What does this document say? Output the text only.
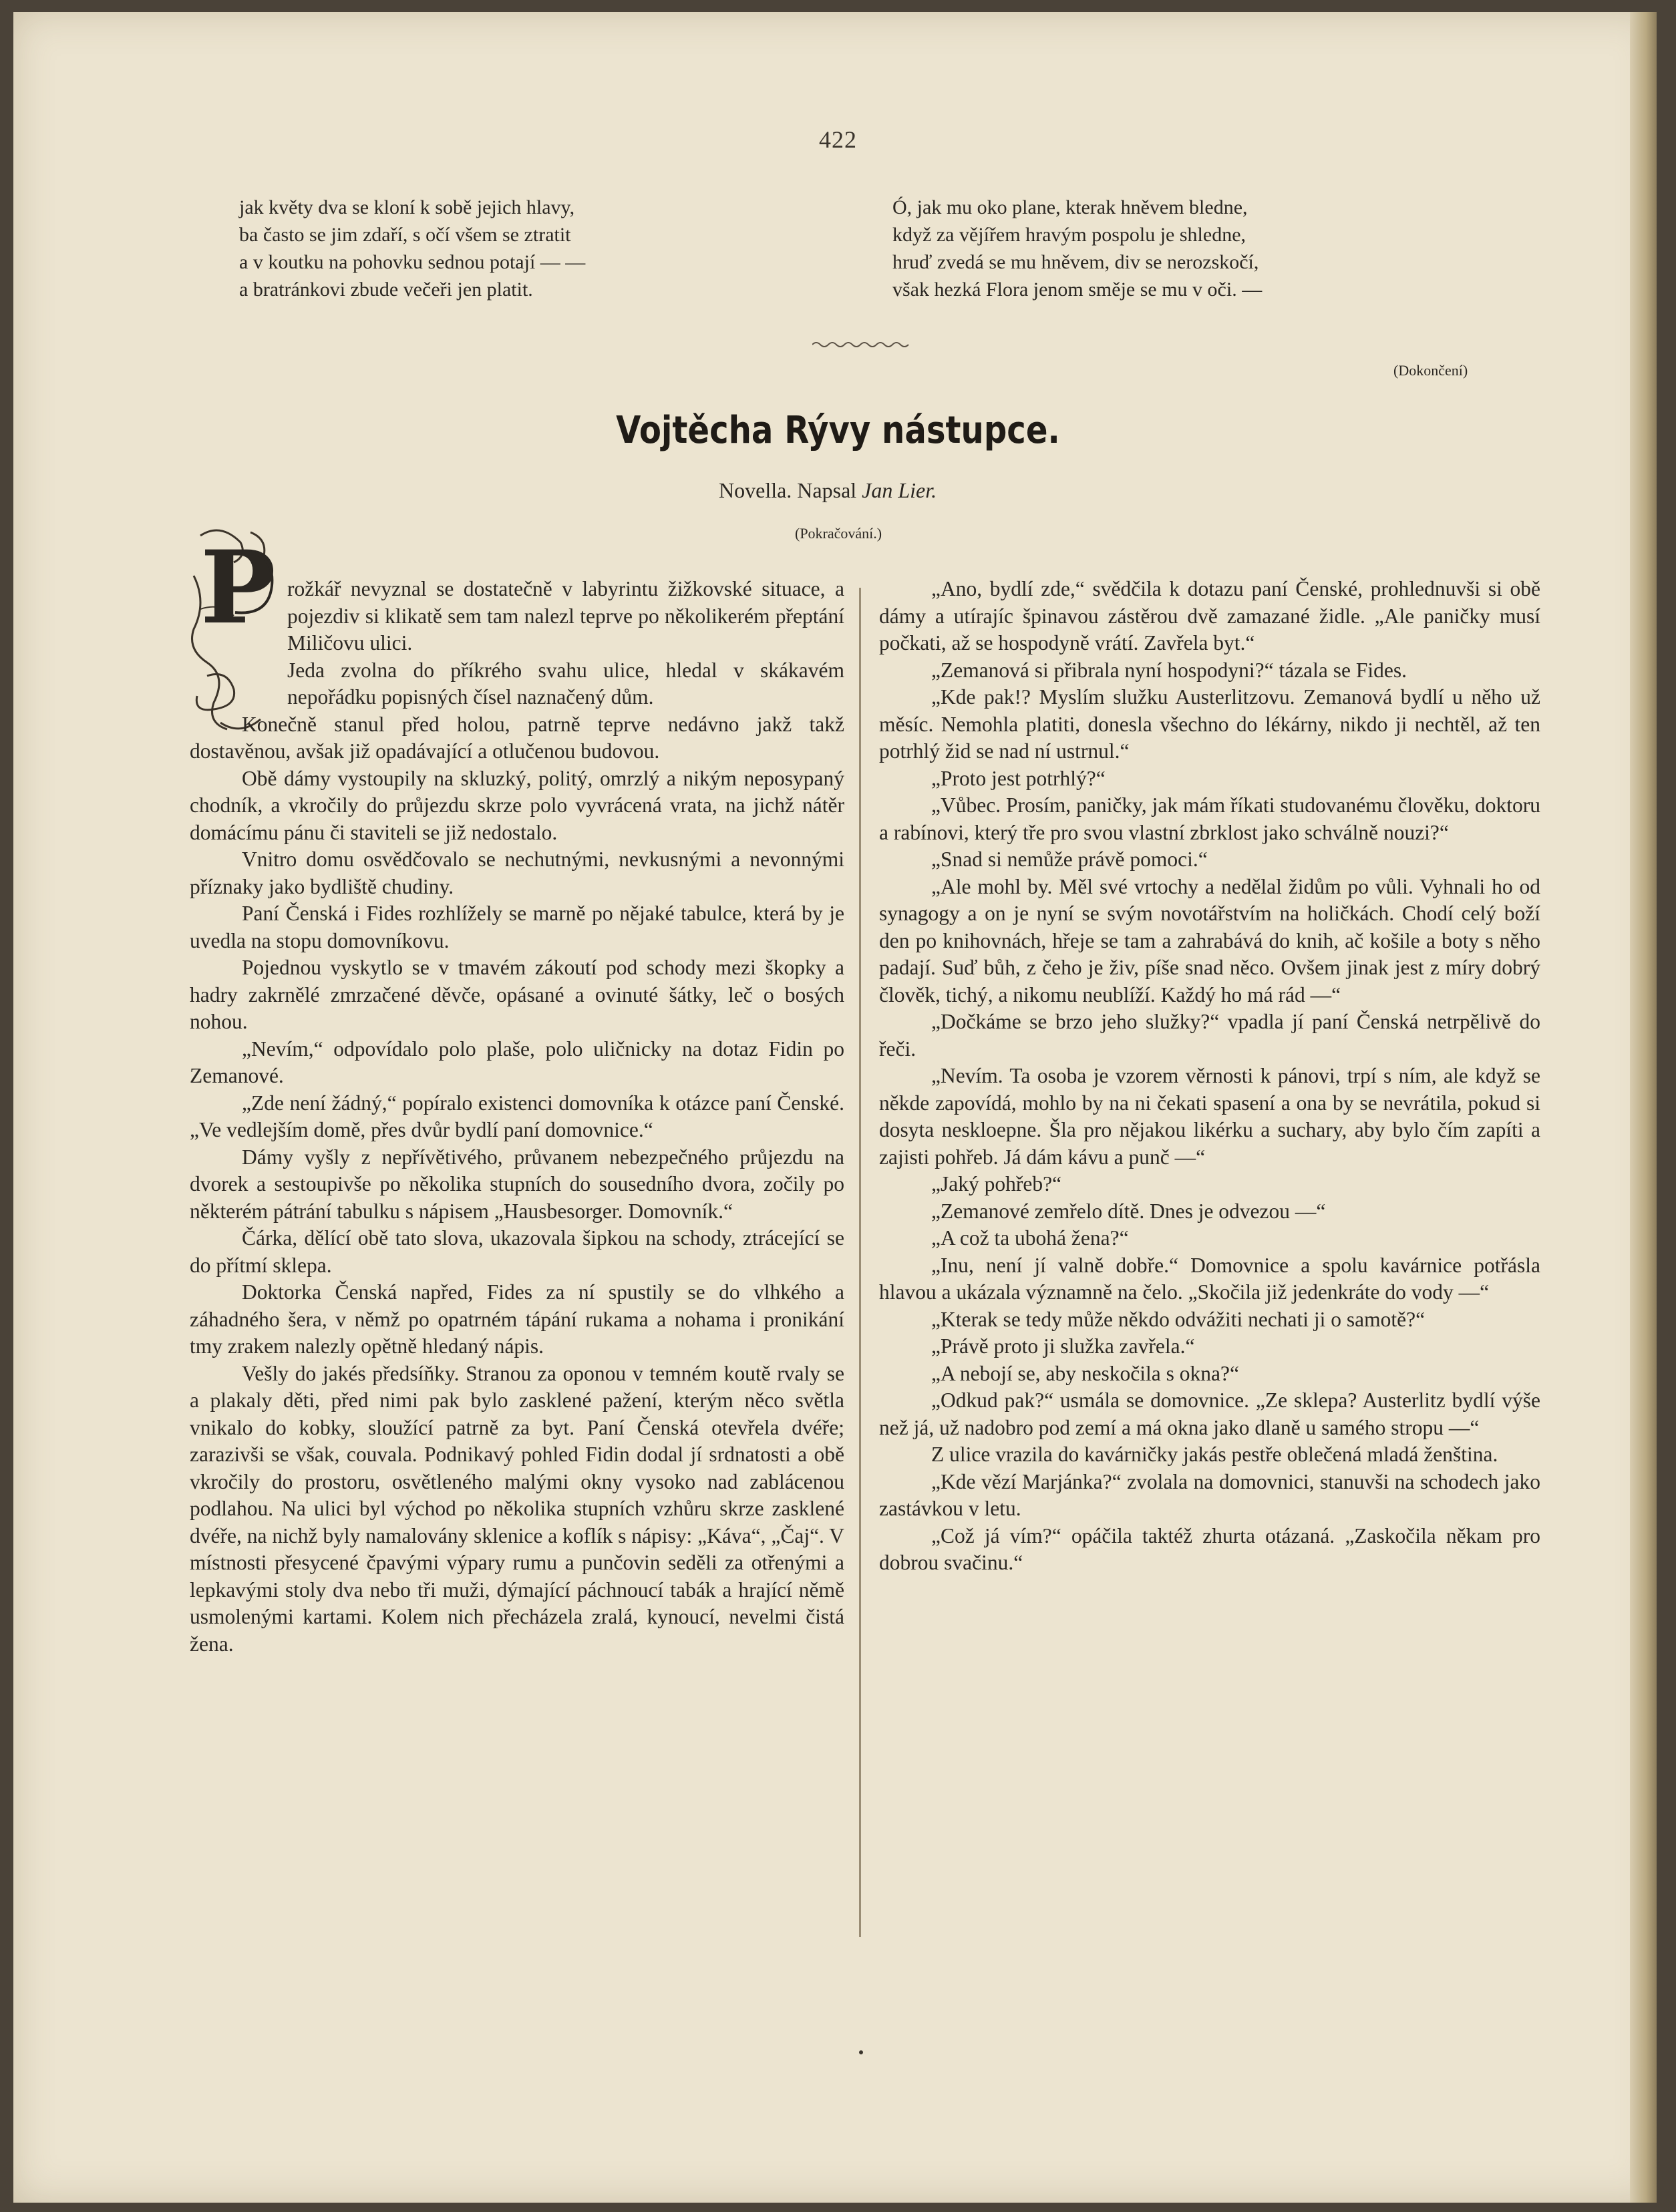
422
jak květy dva se kloní k sobě jejich hlavy,
ba často se jim zdaří, s očí všem se ztratit
a v koutku na pohovku sednou potají — —
a bratránkovi zbude večeři jen platit.
Ó, jak mu oko plane, kterak hněvem bledne,
když za vějířem hravým pospolu je shledne,
hruď zvedá se mu hněvem, div se nerozskočí,
však hezká Flora jenom směje se mu v oči. —
(Dokončení)
Vojtěcha Rývy nástupce.
Novella. Napsal Jan Lier.
(Pokračování.)
P rožkář nevyznal se dostatečně v labyrintu žižkovské situace, a pojezdiv si klikatě sem tam nalezl teprve po několikerém přeptání Miličovu ulici.

Jeda zvolna do příkrého svahu ulice, hledal v skákavém nepořádku popisných čísel naznačený dům.

Konečně stanul před holou, patrně teprve nedávno jakž takž dostavěnou, avšak již opadávající a otlučenou budovou.

Obě dámy vystoupily na skluzký, politý, omrzlý a nikým neposypaný chodník, a vkročily do průjezdu skrze polo vyvrácená vrata, na jichž nátěr domácímu pánu či staviteli se již nedostalo.

Vnitro domu osvědčovalo se nechutnými, nevkusnými a nevonnými příznaky jako bydliště chudiny.

Paní Čenská i Fides rozhlížely se marně po nějaké tabulce, která by je uvedla na stopu domovníkovu.

Pojednou vyskytlo se v tmavém zákoutí pod schody mezi škopky a hadry zakrnělé zmrzačené děvče, opásané a ovinuté šátky, leč o bosých nohou.

„Nevím,“ odpovídalo polo plaše, polo uličnicky na dotaz Fidin po Zemanové.

„Zde není žádný,“ popíralo existenci domovníka k otázce paní Čenské. „Ve vedlejším domě, přes dvůr bydlí paní domovnice.“

Dámy vyšly z nepřívětivého, průvanem nebezpečného průjezdu na dvorek a sestoupivše po několika stupních do sousedního dvora, zočily po některém pátrání tabulku s nápisem „Hausbesorger. Domovník.“

Čárka, dělící obě tato slova, ukazovala šipkou na schody, ztrácející se do přítmí sklepa.

Doktorka Čenská napřed, Fides za ní spustily se do vlhkého a záhadného šera, v němž po opatrném tápání rukama a nohama i pronikání tmy zrakem nalezly opětně hledaný nápis.

Vešly do jakés předsíňky. Stranou za oponou v temném koutě rvaly se a plakaly děti, před nimi pak bylo zasklené pažení, kterým něco světla vnikalo do kobky, sloužící patrně za byt. Paní Čenská otevřela dvéře; zarazivši se však, couvala. Podnikavý pohled Fidin dodal jí srdnatosti a obě vkročily do prostoru, osvětleného malými okny vysoko nad zablácenou podlahou. Na ulici byl východ po několika stupních vzhůru skrze zasklené dvéře, na nichž byly namalovány sklenice a koflík s nápisy: „Káva“, „Čaj“. V místnosti přesycené čpavými výpary rumu a punčovin seděli za otřenými a lepkavými stoly dva nebo tři muži, dýmající páchnoucí tabák a hrající němě usmolenými kartami. Kolem nich přecházela zralá, kynoucí, nevelmi čistá žena.

„Ano, bydlí zde,“ svědčila k dotazu paní Čenské, prohlednuvši si obě dámy a utírajíc špinavou zástěrou dvě zamazané židle. „Ale paničky musí počkati, až se hospodyně vrátí. Zavřela byt.“

„Zemanová si přibrala nyní hospodyni?“ tázala se Fides.

„Kde pak!? Myslím služku Austerlitzovu. Zemanová bydlí u něho už měsíc. Nemohla platiti, donesla všechno do lékárny, nikdo ji nechtěl, až ten potrhlý žid se nad ní ustrnul.“

„Proto jest potrhlý?“

„Vůbec. Prosím, paničky, jak mám říkati studovanému člověku, doktoru a rabínovi, který tře pro svou vlastní zbrklost jako schválně nouzi?“

„Snad si nemůže právě pomoci.“

„Ale mohl by. Měl své vrtochy a nedělal židům po vůli. Vyhnali ho od synagogy a on je nyní se svým novotářstvím na holičkách. Chodí celý boží den po knihovnách, hřeje se tam a zahrabává do knih, ač košile a boty s něho padají. Suď bůh, z čeho je živ, píše snad něco. Ovšem jinak jest z míry dobrý člověk, tichý, a nikomu neublíží. Každý ho má rád —“

„Dočkáme se brzo jeho služky?“ vpadla jí paní Čenská netrpělivě do řeči.

„Nevím. Ta osoba je vzorem věrnosti k pánovi, trpí s ním, ale když se někde zapovídá, mohlo by na ni čekati spasení a ona by se nevrátila, pokud si dosyta neskloepne. Šla pro nějakou likérku a suchary, aby bylo čím zapíti a zajisti pohřeb. Já dám kávu a punč —“

„Jaký pohřeb?“

„Zemanové zemřelo dítě. Dnes je odvezou —“

„A což ta ubohá žena?“

„Inu, není jí valně dobře.“ Domovnice a spolu kavárnice potřásla hlavou a ukázala významně na čelo. „Skočila již jedenkráte do vody —“

„Kterak se tedy může někdo odvážiti nechati ji o samotě?“

„Právě proto ji služka zavřela.“

„A nebojí se, aby neskočila s okna?“

„Odkud pak?“ usmála se domovnice. „Ze sklepa? Austerlitz bydlí výše než já, už nadobro pod zemí a má okna jako dlaně u samého stropu —“

Z ulice vrazila do kavárničky jakás pestře oblečená mladá ženština.

„Kde vězí Marjánka?“ zvolala na domovnici, stanuvši na schodech jako zastávkou v letu.

„Což já vím?“ opáčila taktéž zhurta otázaná. „Zaskočila někam pro dobrou svačinu.“
